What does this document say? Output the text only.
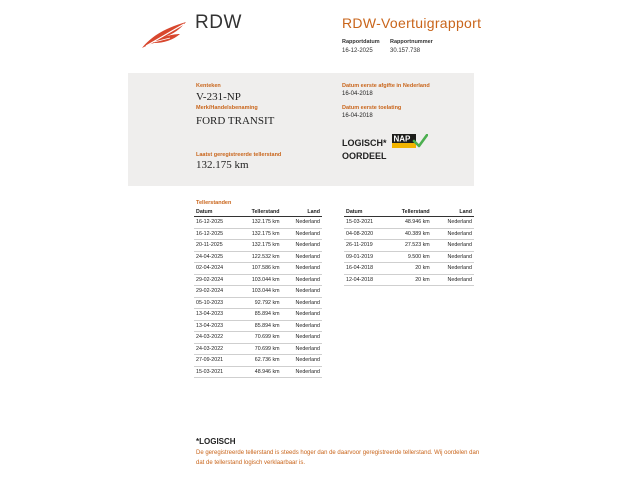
RDW	RDW-Voertuigrapport
Rapportdatum
16-12-2025
Rapportnummer
30.157.738
Kenteken
V-231-NP
Merk/Handelsbenaming
FORD TRANSIT
Laatst geregistreerde tellerstand
132.175 km
Datum eerste afgifte in Nederland
16-04-2018
Datum eerste toelating
16-04-2018
LOGISCH*
OORDEEL
NAP
Tellerstanden
Datum	Tellerstand	Land
16-12-2025	132.175 km	Nederland
16-12-2025	132.175 km	Nederland
20-11-2025	132.175 km	Nederland
24-04-2025	122.532 km	Nederland
02-04-2024	107.586 km	Nederland
29-02-2024	103.044 km	Nederland
29-02-2024	103.044 km	Nederland
05-10-2023	92.792 km	Nederland
13-04-2023	85.894 km	Nederland
13-04-2023	85.894 km	Nederland
24-03-2022	70.699 km	Nederland
24-03-2022	70.699 km	Nederland
27-09-2021	62.736 km	Nederland
15-03-2021	48.946 km	Nederland
Datum	Tellerstand	Land
15-03-2021	48.946 km	Nederland
04-08-2020	40.389 km	Nederland
26-11-2019	27.523 km	Nederland
09-01-2019	9.500 km	Nederland
16-04-2018	20 km	Nederland
12-04-2018	20 km	Nederland
*LOGISCH
De geregistreerde tellerstand is steeds hoger dan de daarvoor geregistreerde tellerstand. Wij oordelen dan dat de tellerstand logisch verklaarbaar is.
